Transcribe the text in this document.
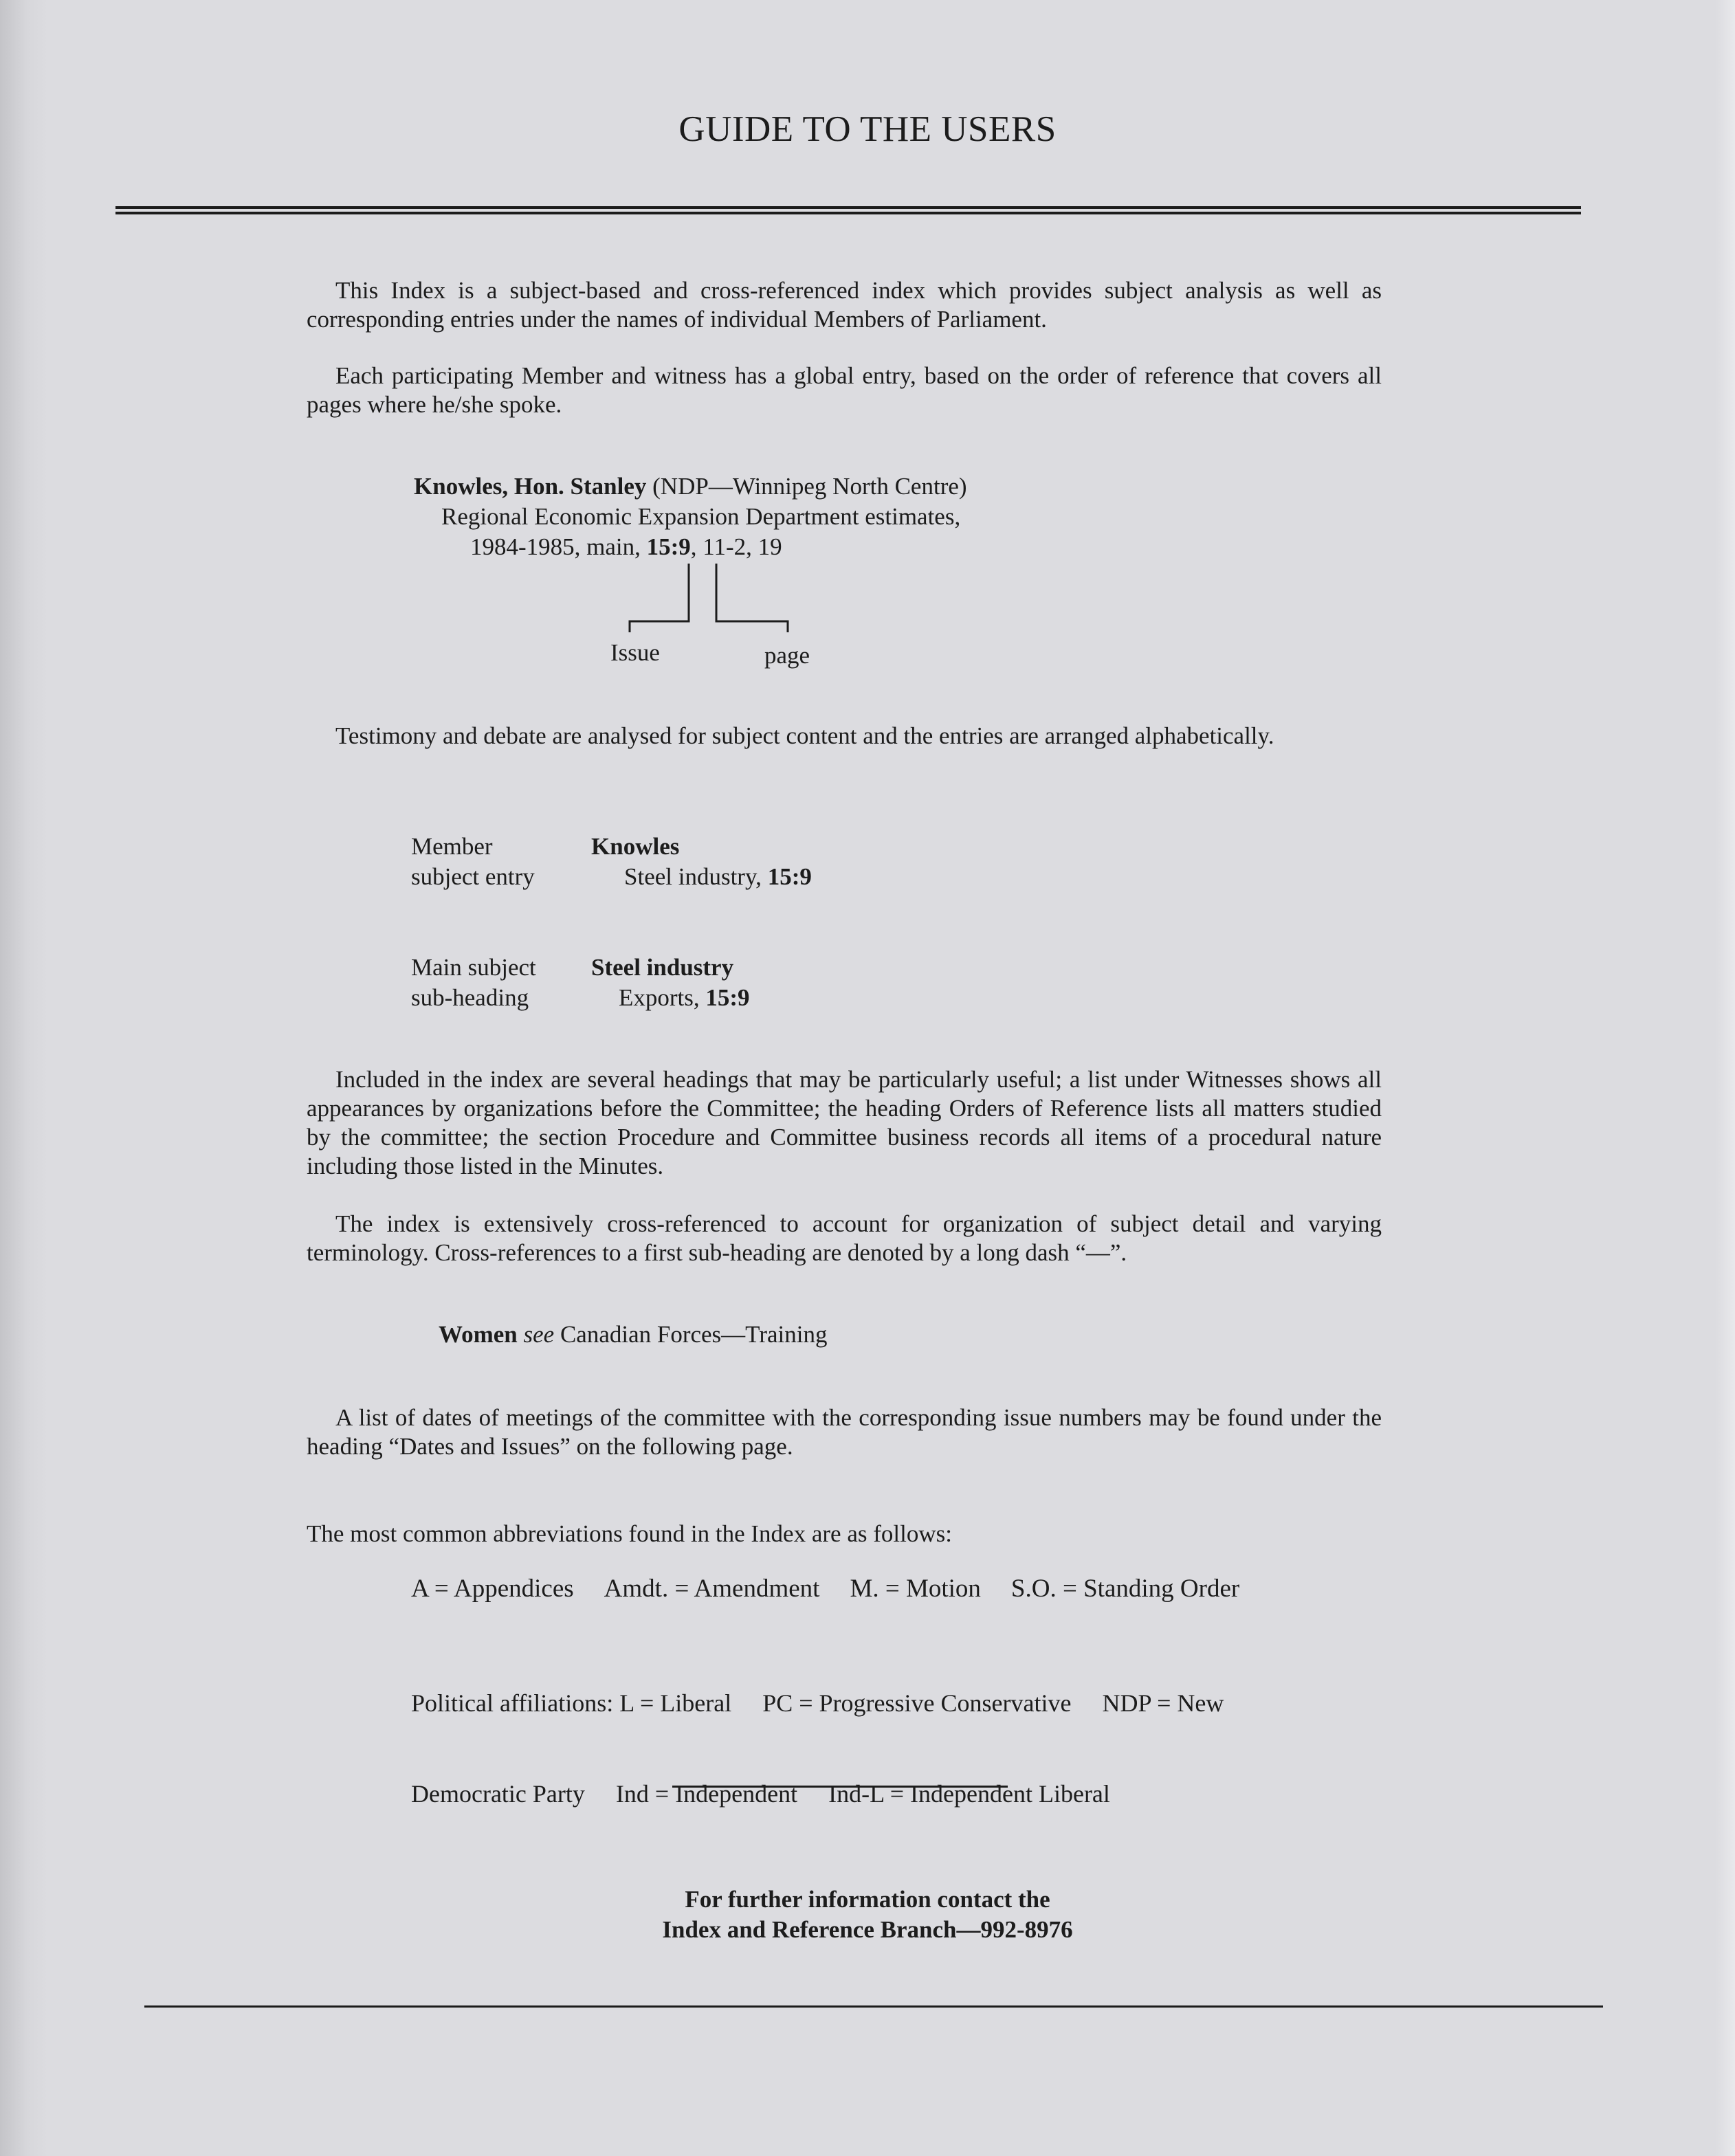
GUIDE TO THE USERS

This Index is a subject-based and cross-referenced index which provides subject analysis as well as corresponding entries under the names of individual Members of Parliament.

Each participating Member and witness has a global entry, based on the order of reference that covers all pages where he/she spoke.

Knowles, Hon. Stanley (NDP—Winnipeg North Centre)
Regional Economic Expansion Department estimates,
1984-1985, main, 15:9, 11-2, 19
Issue	page

Testimony and debate are analysed for subject content and the entries are arranged alphabetically.

Member
subject entry
Knowles
Steel industry, 15:9
Main subject
sub-heading
Steel industry
Exports, 15:9

Included in the index are several headings that may be particularly useful; a list under Witnesses shows all appearances by organizations before the Committee; the heading Orders of Reference lists all matters studied by the committee; the section Procedure and Committee business records all items of a procedural nature including those listed in the Minutes.

The index is extensively cross-referenced to account for organization of subject detail and varying terminology. Cross-references to a first sub-heading are denoted by a long dash “—”.

Women see Canadian Forces—Training

A list of dates of meetings of the committee with the corresponding issue numbers may be found under the heading “Dates and Issues” on the following page.

The most common abbreviations found in the Index are as follows:
A = Appendices Amdt. = Amendment M. = Motion S.O. = Standing Order

Political affiliations: L = Liberal     PC = Progressive Conservative     NDP = New

Democratic Party     Ind = Independent     Ind-L = Independent Liberal

For further information contact the
Index and Reference Branch—992-8976
